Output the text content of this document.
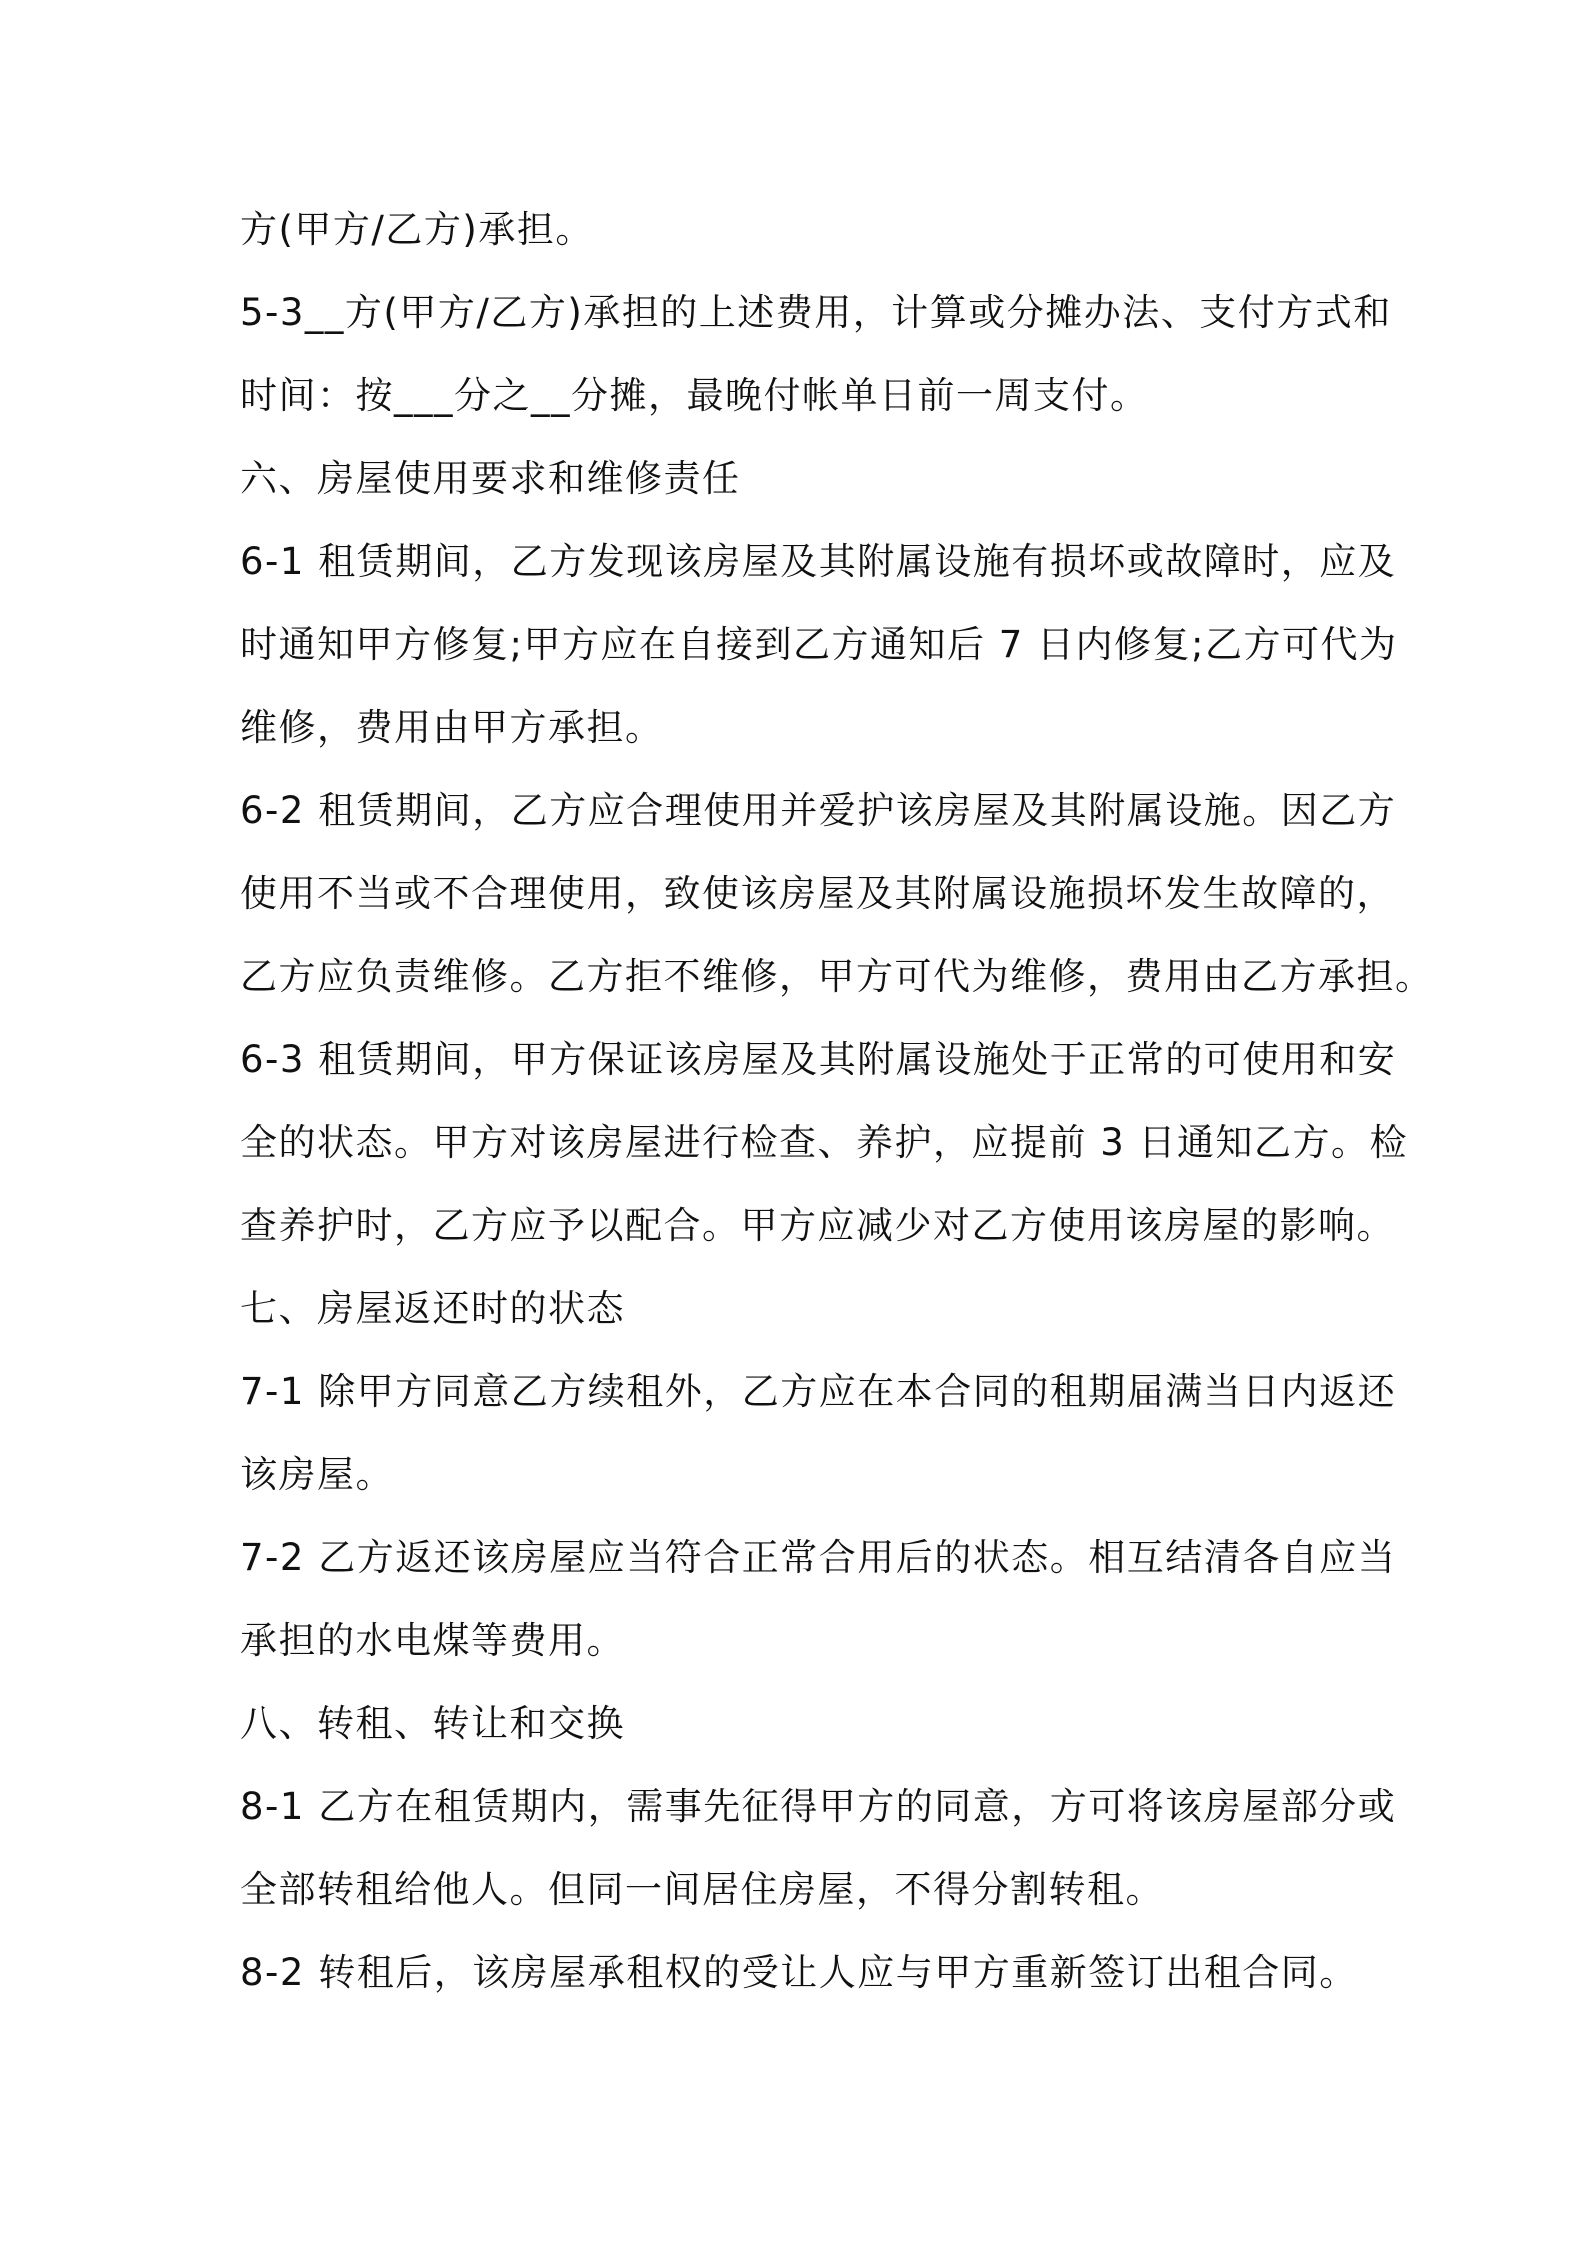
方(甲方/乙方)承担。
5-3__方(甲方/乙方)承担的上述费用，计算或分摊办法、支付方式和
时间：按___分之__分摊，最晚付帐单日前一周支付。
六、房屋使用要求和维修责任
6-1 租赁期间，乙方发现该房屋及其附属设施有损坏或故障时，应及
时通知甲方修复;甲方应在自接到乙方通知后 7 日内修复;乙方可代为
维修，费用由甲方承担。
6-2 租赁期间，乙方应合理使用并爱护该房屋及其附属设施。因乙方
使用不当或不合理使用，致使该房屋及其附属设施损坏发生故障的，
乙方应负责维修。乙方拒不维修，甲方可代为维修，费用由乙方承担。
6-3 租赁期间，甲方保证该房屋及其附属设施处于正常的可使用和安
全的状态。甲方对该房屋进行检查、养护，应提前 3 日通知乙方。检
查养护时，乙方应予以配合。甲方应减少对乙方使用该房屋的影响。
七、房屋返还时的状态
7-1 除甲方同意乙方续租外，乙方应在本合同的租期届满当日内返还
该房屋。
7-2 乙方返还该房屋应当符合正常合用后的状态。相互结清各自应当
承担的水电煤等费用。
八、转租、转让和交换
8-1 乙方在租赁期内，需事先征得甲方的同意，方可将该房屋部分或
全部转租给他人。但同一间居住房屋，不得分割转租。
8-2 转租后，该房屋承租权的受让人应与甲方重新签订出租合同。
